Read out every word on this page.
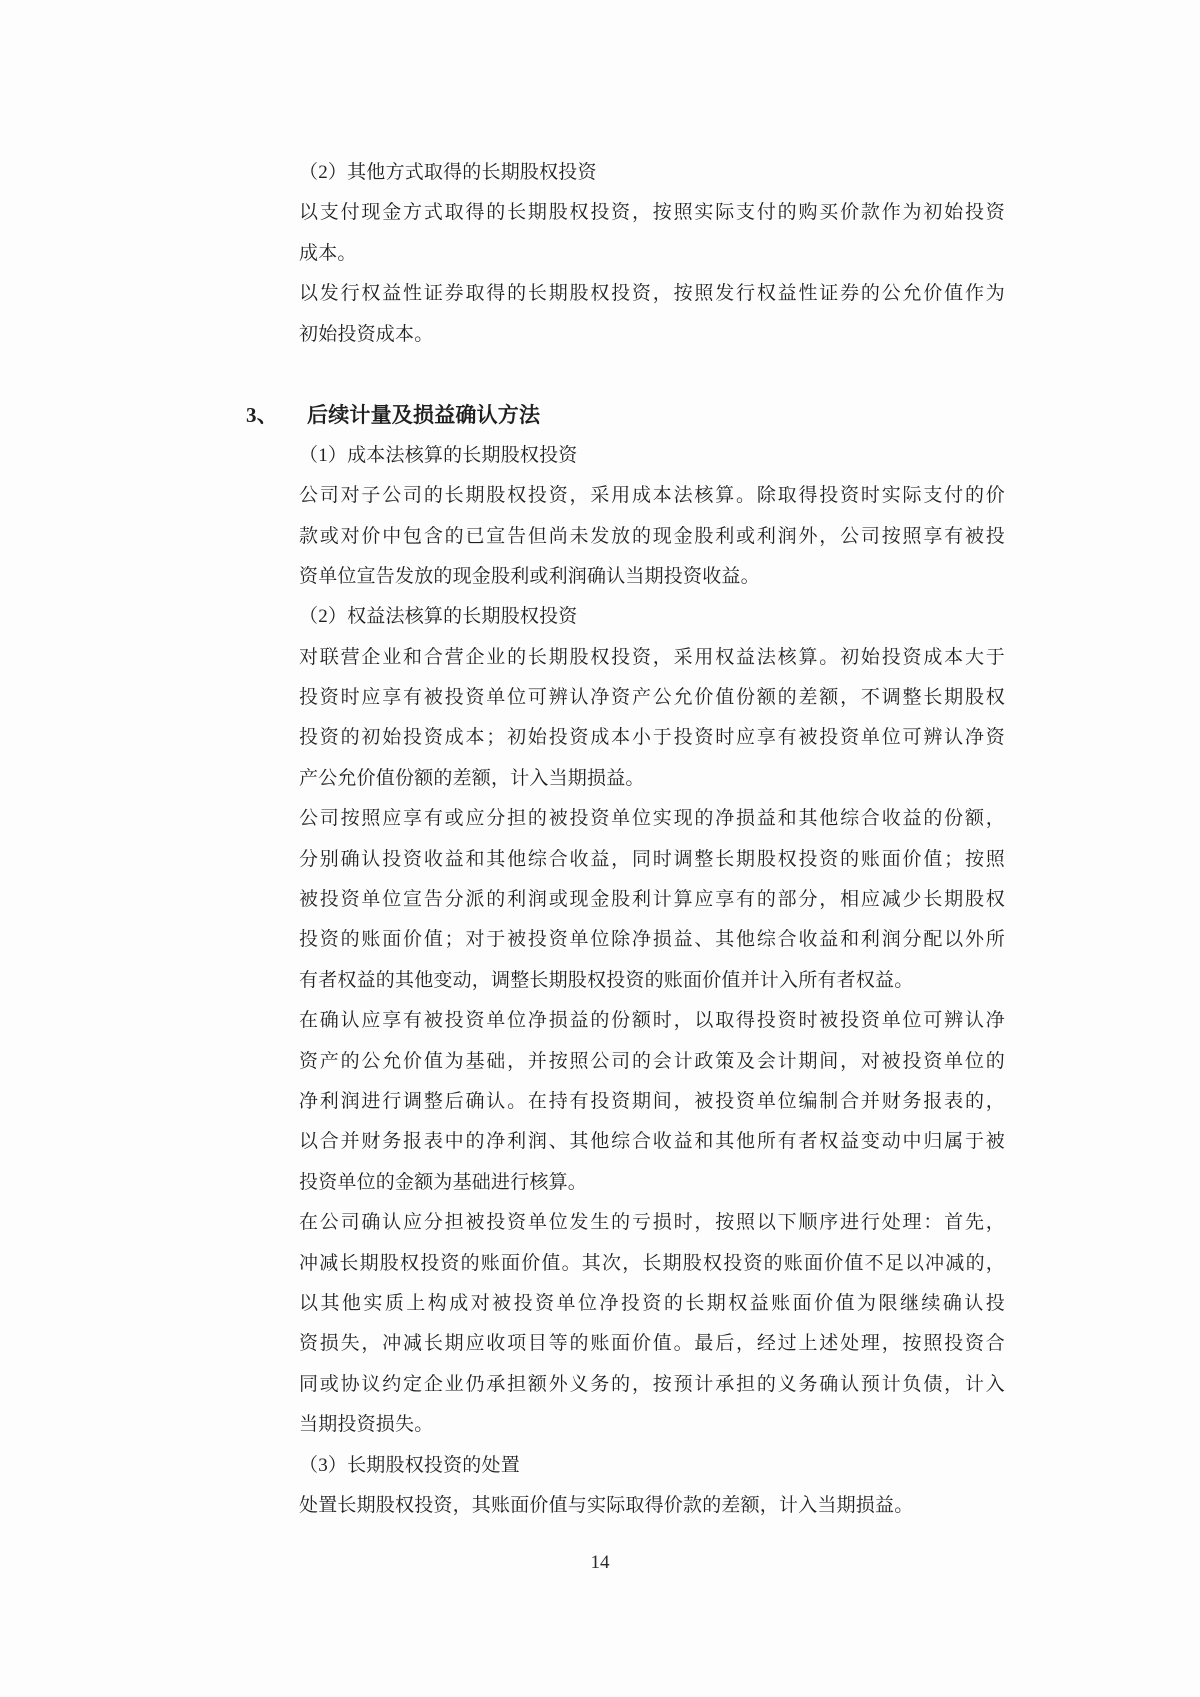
（2）其他方式取得的长期股权投资
以支付现金方式取得的长期股权投资，按照实际支付的购买价款作为初始投资
成本。
以发行权益性证券取得的长期股权投资，按照发行权益性证券的公允价值作为
初始投资成本。
3、 后续计量及损益确认方法
（1）成本法核算的长期股权投资
公司对子公司的长期股权投资，采用成本法核算。除取得投资时实际支付的价
款或对价中包含的已宣告但尚未发放的现金股利或利润外，公司按照享有被投
资单位宣告发放的现金股利或利润确认当期投资收益。
（2）权益法核算的长期股权投资
对联营企业和合营企业的长期股权投资，采用权益法核算。初始投资成本大于
投资时应享有被投资单位可辨认净资产公允价值份额的差额，不调整长期股权
投资的初始投资成本；初始投资成本小于投资时应享有被投资单位可辨认净资
产公允价值份额的差额，计入当期损益。
公司按照应享有或应分担的被投资单位实现的净损益和其他综合收益的份额，
分别确认投资收益和其他综合收益，同时调整长期股权投资的账面价值；按照
被投资单位宣告分派的利润或现金股利计算应享有的部分，相应减少长期股权
投资的账面价值；对于被投资单位除净损益、其他综合收益和利润分配以外所
有者权益的其他变动，调整长期股权投资的账面价值并计入所有者权益。
在确认应享有被投资单位净损益的份额时，以取得投资时被投资单位可辨认净
资产的公允价值为基础，并按照公司的会计政策及会计期间，对被投资单位的
净利润进行调整后确认。在持有投资期间，被投资单位编制合并财务报表的，
以合并财务报表中的净利润、其他综合收益和其他所有者权益变动中归属于被
投资单位的金额为基础进行核算。
在公司确认应分担被投资单位发生的亏损时，按照以下顺序进行处理：首先，
冲减长期股权投资的账面价值。其次，长期股权投资的账面价值不足以冲减的，
以其他实质上构成对被投资单位净投资的长期权益账面价值为限继续确认投
资损失，冲减长期应收项目等的账面价值。最后，经过上述处理，按照投资合
同或协议约定企业仍承担额外义务的，按预计承担的义务确认预计负债，计入
当期投资损失。
（3）长期股权投资的处置
处置长期股权投资，其账面价值与实际取得价款的差额，计入当期损益。
14
